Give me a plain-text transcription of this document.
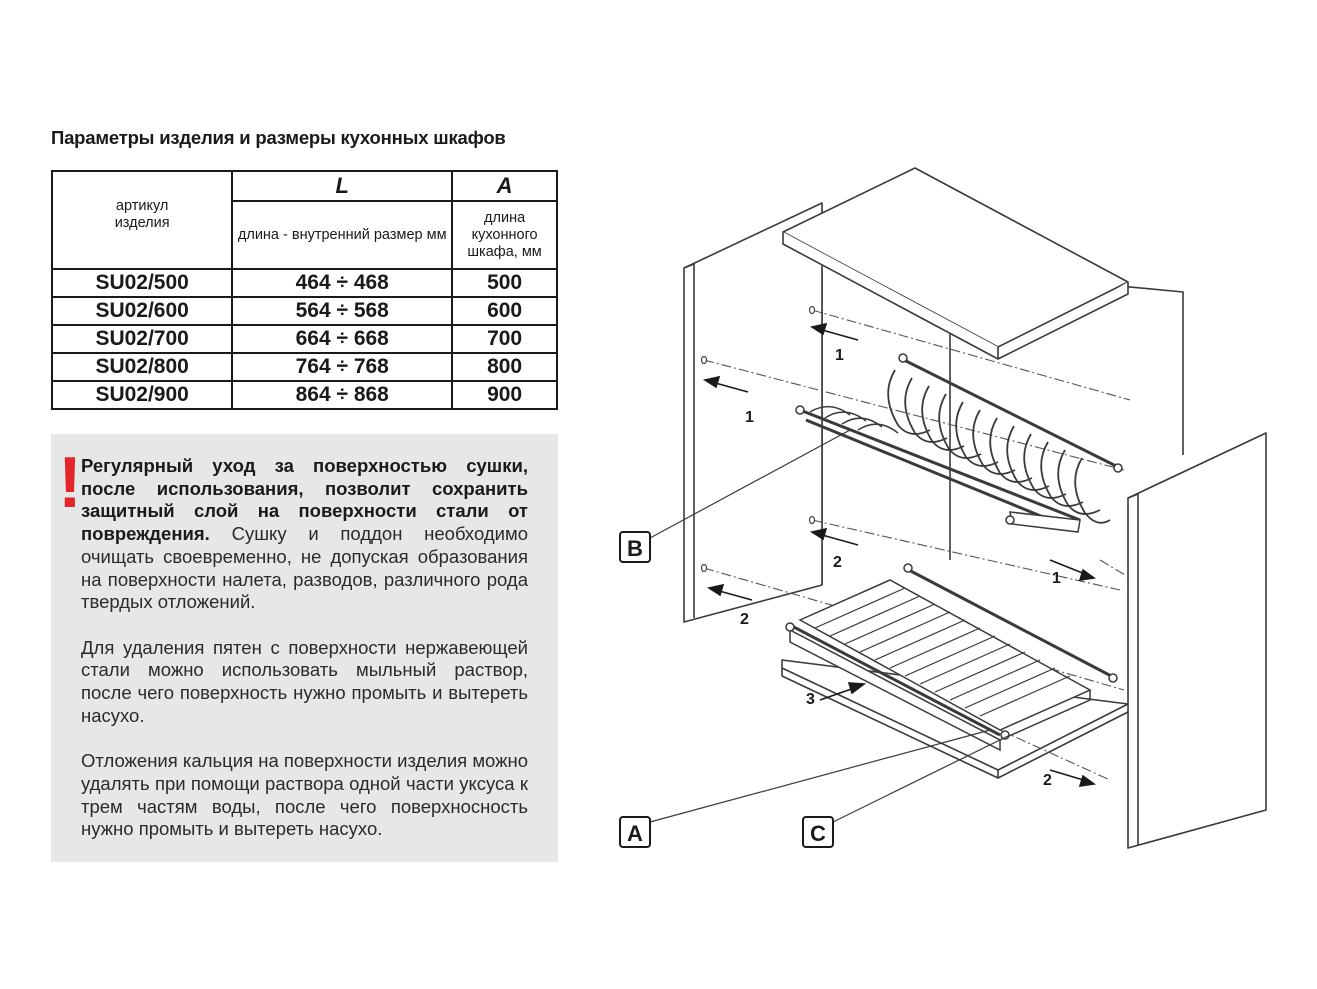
Параметры изделия и размеры кухонных шкафов
артикул изделия	L	A

	длина - внутренний размер мм	длина кухонного шкафа, мм

SU02/500	464 ÷ 468	500
SU02/600	564 ÷ 568	600
SU02/700	664 ÷ 668	700
SU02/800	764 ÷ 768	800
SU02/900	864 ÷ 868	900
! Регулярный уход за поверхностью сушки, после использования, позволит сохранить защитный слой на поверхности стали от повреждения. Сушку и поддон необходимо очищать своевременно, не допуская образования на поверхности налета, разводов, различного рода твердых отложений.

Для удаления пятен с поверхности нержавеющей стали можно использовать мыльный раствор, после чего поверхность нужно промыть и вытереть насухо.

Отложения кальция на поверхности изделия можно удалять при помощи раствора одной части уксуса к трем частям воды, после чего поверхносность нужно промыть и вытереть насухо.

1
1
2
2
1
2
3
B
A	C
